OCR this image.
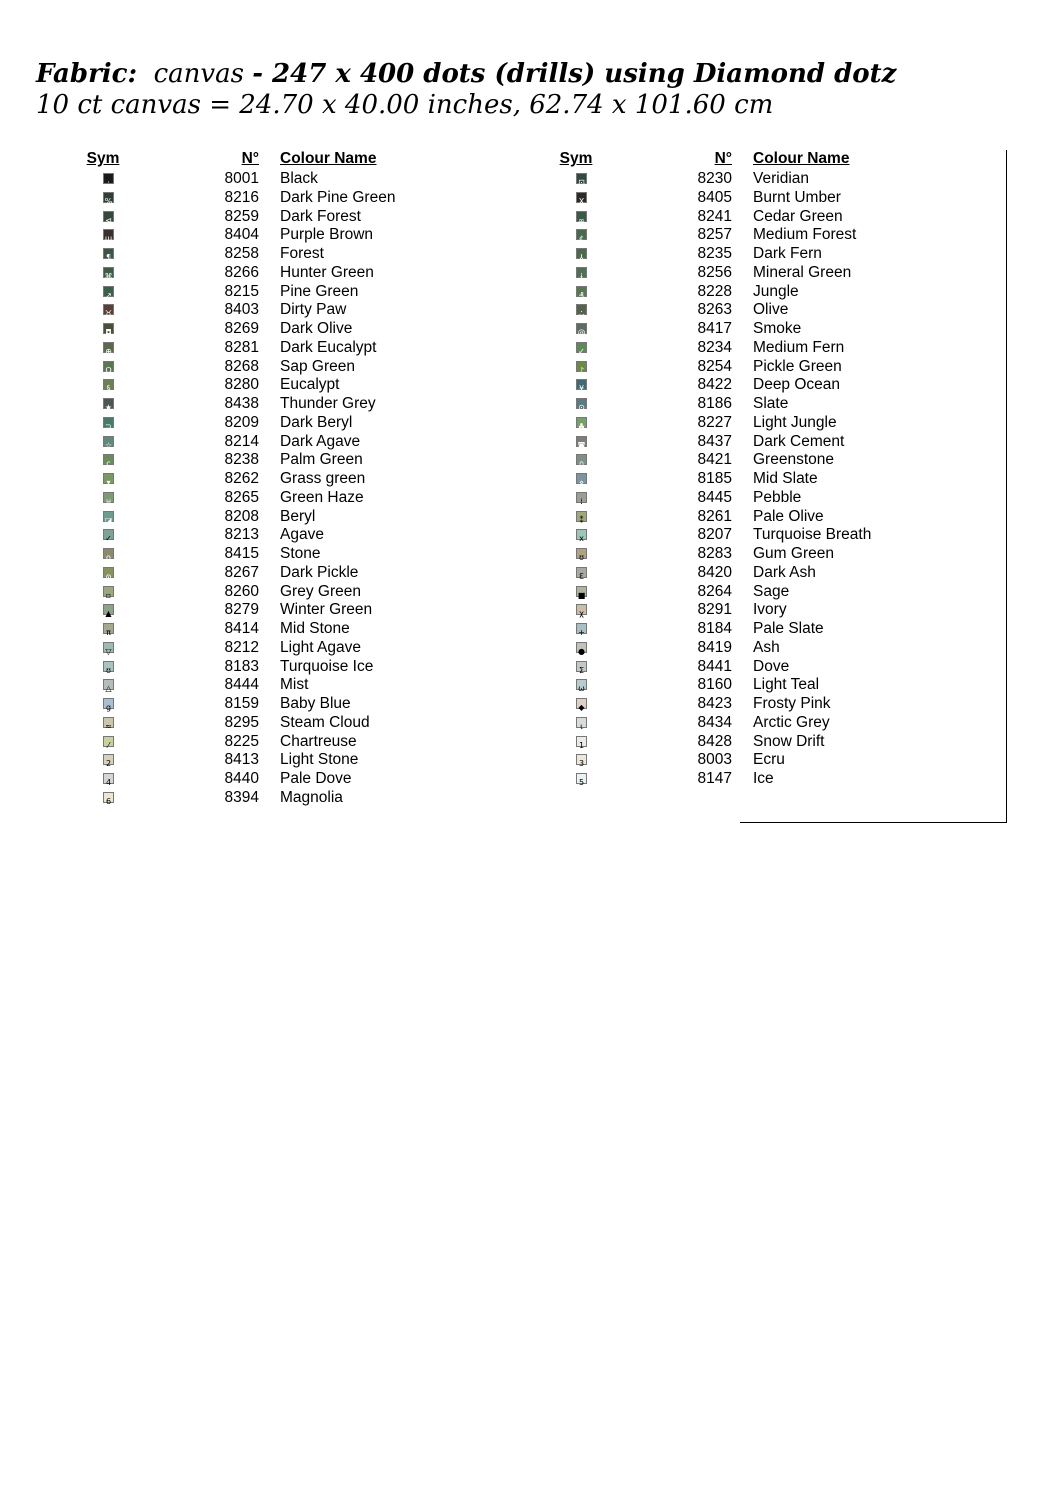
Fabric: canvas - 247 x 400 dots (drills) using Diamond dotz
10 ct canvas = 24.70 x 40.00 inches, 62.74 x 101.60 cm
Sym	N° Colour Name
·	8001 Black
%	8216 Dark Pine Green
⊲	8259 Dark Forest
ш	8404 Purple Brown
¶	8258 Forest
⌘	8266 Hunter Green
↗	8215 Pine Green
♉	8403 Dirty Paw
◘	8269 Dark Olive
⊕	8281 Dark Eucalypt
Ω	8268 Sap Green
§	8280 Eucalypt
★	8438 Thunder Grey
⊃	8209 Dark Beryl
☆	8214 Dark Agave
c	8238 Palm Green
▾	8262 Grass green
⊎	8265 Green Haze
◪	8208 Beryl
✓	8213 Agave
o	8415 Stone
ɷ	8267 Dark Pickle
▫	8260 Grey Green
▲	8279 Winter Green
π	8414 Mid Stone
▽	8212 Light Agave
ʊ	8183 Turquoise Ice
△	8444 Mist
g	8159 Baby Blue
≈	8295 Steam Cloud
⁄	8225 Chartreuse
2	8413 Light Stone
4	8440 Pale Dove
6	8394 Magnolia
Sym	N° Colour Name
⊡	8230 Veridian
X	8405 Burnt Umber
∞	8241 Cedar Green
¢	8257 Medium Forest
⅄	8235 Dark Fern
ɨ	8256 Mineral Green
₰	8228 Jungle
∴	8263 Olive
@	8417 Smoke
✓	8234 Medium Fern
♪	8254 Pickle Green
¥	8422 Deep Ocean
⊙	8186 Slate
♣	8227 Light Jungle
◙	8437 Dark Cement
∩	8421 Greenstone
⋄	8185 Mid Slate
⁞	8445 Pebble
⁑	8261 Pale Olive
x	8207 Turquoise Breath
ʊ	8283 Gum Green
Ɛ	8420 Dark Ash
■	8264 Sage
χ	8291 Ivory
+	8184 Pale Slate
●	8419 Ash
Σ	8441 Dove
ω	8160 Light Teal
◆	8423 Frosty Pink
ɩ	8434 Arctic Grey
1	8428 Snow Drift
3	8003 Ecru
5	8147 Ice
